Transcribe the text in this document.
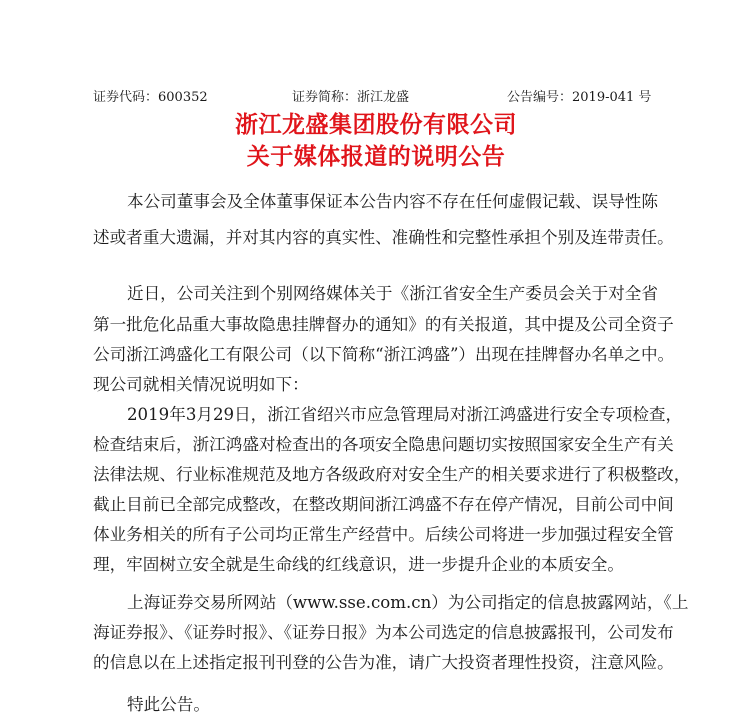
证券代码：600352	证券简称：浙江龙盛	公告编号：2019-041 号
浙江龙盛集团股份有限公司
关于媒体报道的说明公告
本公司董事会及全体董事保证本公告内容不存在任何虚假记载、误导性陈
述或者重大遗漏，并对其内容的真实性、准确性和完整性承担个别及连带责任。
近日，公司关注到个别网络媒体关于《浙江省安全生产委员会关于对全省
第一批危化品重大事故隐患挂牌督办的通知》的有关报道，其中提及公司全资子
公司浙江鸿盛化工有限公司（以下简称“浙江鸿盛”）出现在挂牌督办名单之中。
现公司就相关情况说明如下：
2019年3月29日，浙江省绍兴市应急管理局对浙江鸿盛进行安全专项检查，
检查结束后，浙江鸿盛对检查出的各项安全隐患问题切实按照国家安全生产有关
法律法规、行业标准规范及地方各级政府对安全生产的相关要求进行了积极整改，
截止目前已全部完成整改，在整改期间浙江鸿盛不存在停产情况，目前公司中间
体业务相关的所有子公司均正常生产经营中。后续公司将进一步加强过程安全管
理，牢固树立安全就是生命线的红线意识，进一步提升企业的本质安全。
上海证券交易所网站（www.sse.com.cn）为公司指定的信息披露网站，《上
海证券报》、《证券时报》、《证券日报》为本公司选定的信息披露报刊，公司发布
的信息以在上述指定报刊刊登的公告为准，请广大投资者理性投资，注意风险。
特此公告。
